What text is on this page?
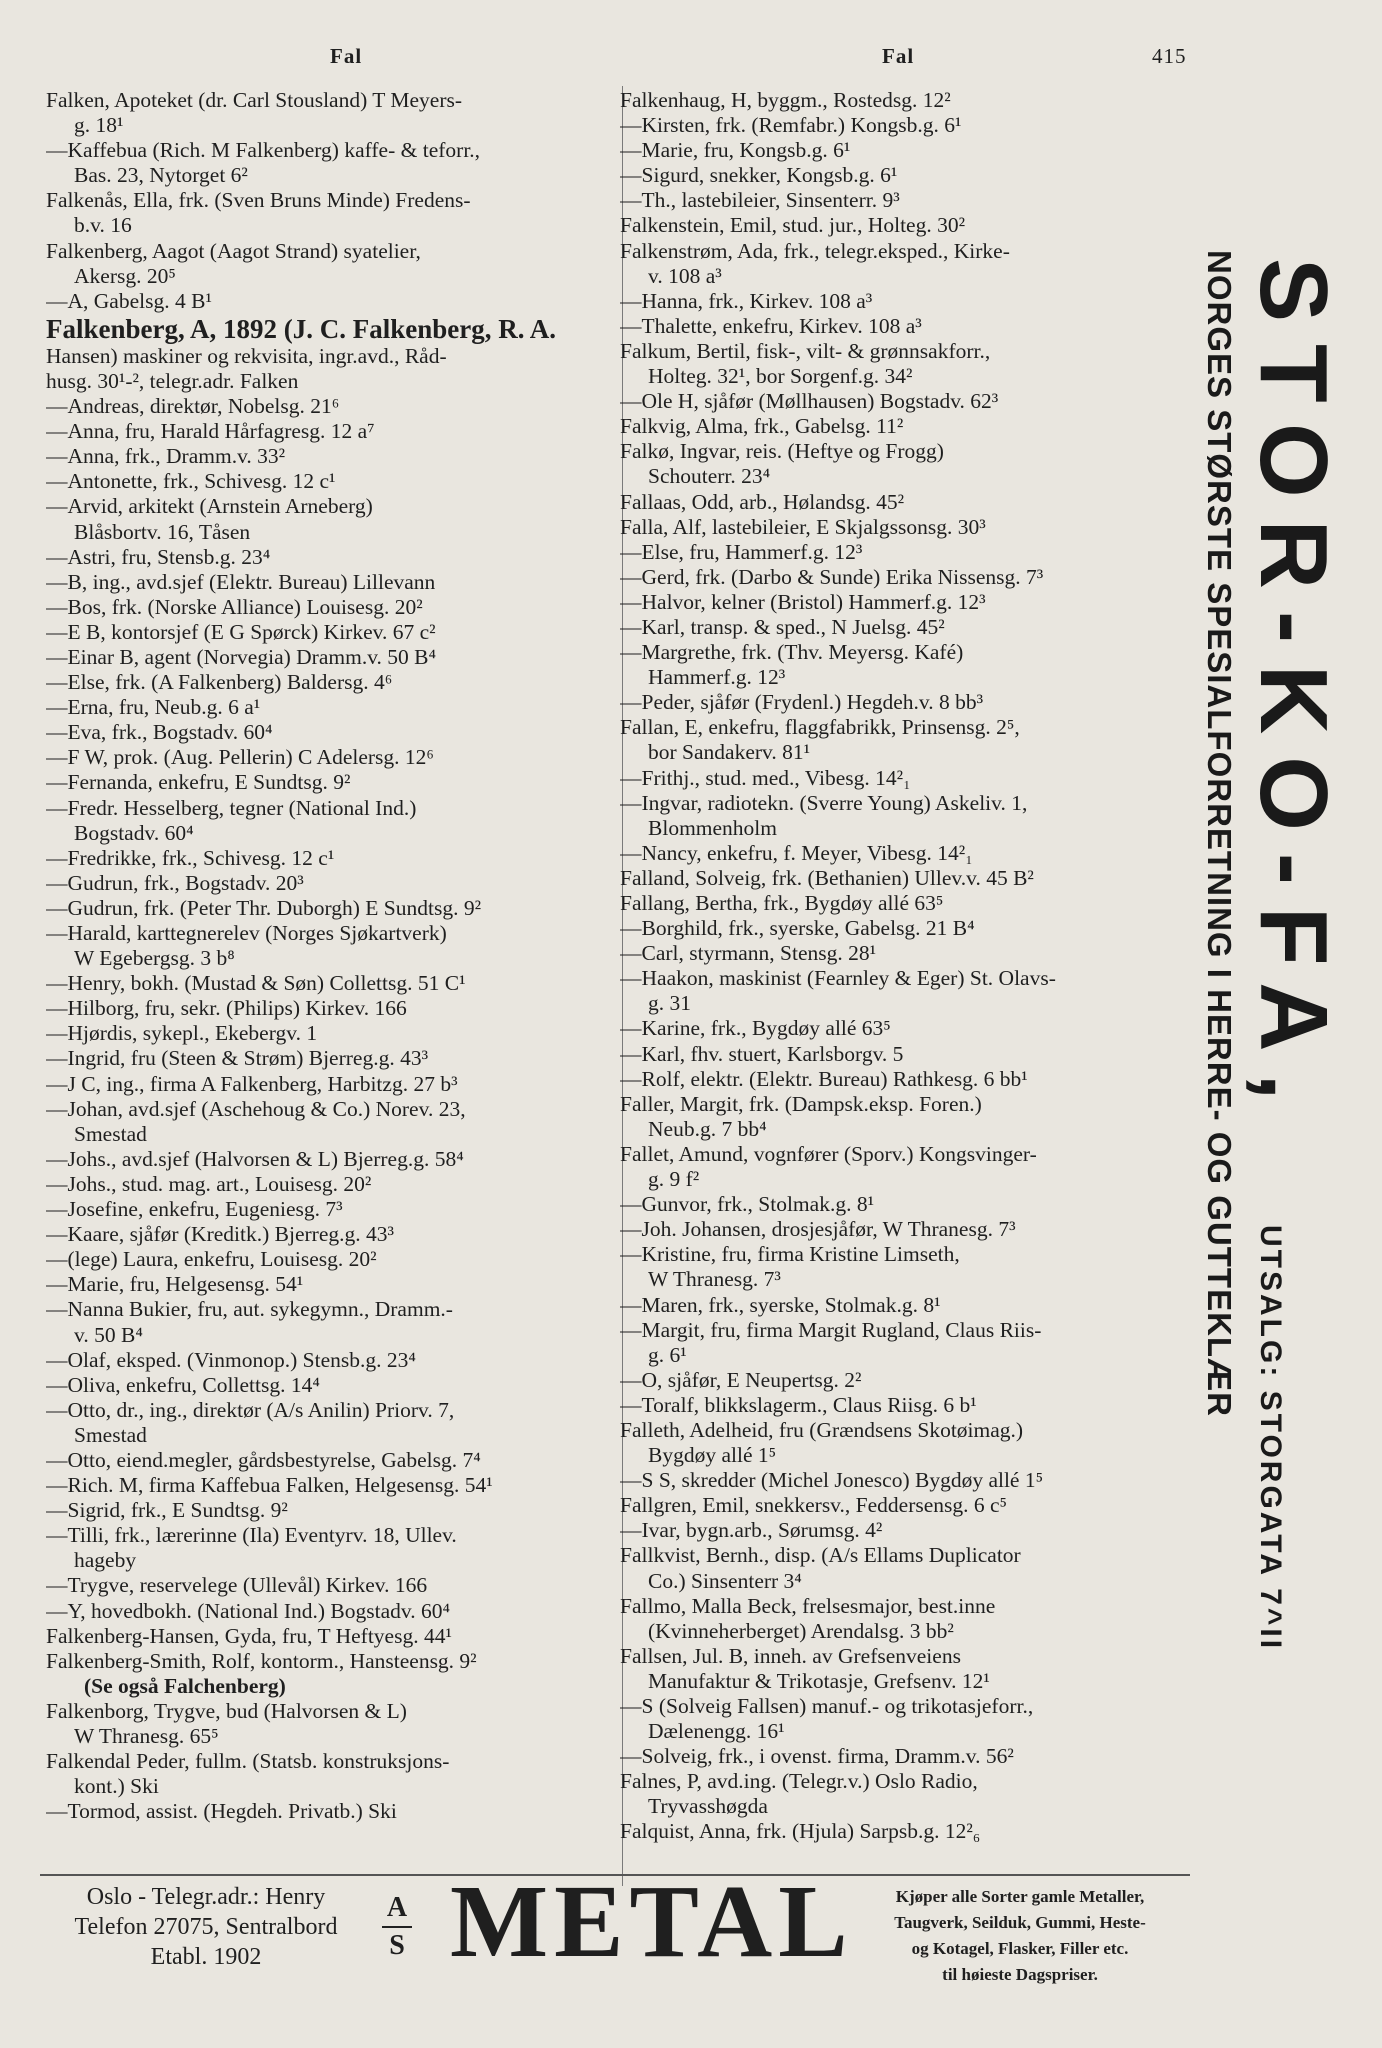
Fal	Fal	415
Falken, Apoteket (dr. Carl Stousland) T Meyers-
g. 18¹
—Kaffebua (Rich. M Falkenberg) kaffe- & teforr.,
Bas. 23, Nytorget 6²
Falkenås, Ella, frk. (Sven Bruns Minde) Fredens-
b.v. 16
Falkenberg, Aagot (Aagot Strand) syatelier,
Akersg. 20⁵
—A, Gabelsg. 4 B¹
Falkenberg, A, 1892 (J. C. Falkenberg, R. A.
Hansen) maskiner og rekvisita, ingr.avd., Råd-
husg. 30¹-², telegr.adr. Falken
—Andreas, direktør, Nobelsg. 21⁶
—Anna, fru, Harald Hårfagresg. 12 a⁷
—Anna, frk., Dramm.v. 33²
—Antonette, frk., Schivesg. 12 c¹
—Arvid, arkitekt (Arnstein Arneberg)
Blåsbortv. 16, Tåsen
—Astri, fru, Stensb.g. 23⁴
—B, ing., avd.sjef (Elektr. Bureau) Lillevann
—Bos, frk. (Norske Alliance) Louisesg. 20²
—E B, kontorsjef (E G Spørck) Kirkev. 67 c²
—Einar B, agent (Norvegia) Dramm.v. 50 B⁴
—Else, frk. (A Falkenberg) Baldersg. 4⁶
—Erna, fru, Neub.g. 6 a¹
—Eva, frk., Bogstadv. 60⁴
—F W, prok. (Aug. Pellerin) C Adelersg. 12⁶
—Fernanda, enkefru, E Sundtsg. 9²
—Fredr. Hesselberg, tegner (National Ind.)
Bogstadv. 60⁴
—Fredrikke, frk., Schivesg. 12 c¹
—Gudrun, frk., Bogstadv. 20³
—Gudrun, frk. (Peter Thr. Duborgh) E Sundtsg. 9²
—Harald, karttegnerelev (Norges Sjøkartverk)
W Egebergsg. 3 b⁸
—Henry, bokh. (Mustad & Søn) Collettsg. 51 C¹
—Hilborg, fru, sekr. (Philips) Kirkev. 166
—Hjørdis, sykepl., Ekebergv. 1
—Ingrid, fru (Steen & Strøm) Bjerreg.g. 43³
—J C, ing., firma A Falkenberg, Harbitzg. 27 b³
—Johan, avd.sjef (Aschehoug & Co.) Norev. 23,
Smestad
—Johs., avd.sjef (Halvorsen & L) Bjerreg.g. 58⁴
—Johs., stud. mag. art., Louisesg. 20²
—Josefine, enkefru, Eugeniesg. 7³
—Kaare, sjåfør (Kreditk.) Bjerreg.g. 43³
—(lege) Laura, enkefru, Louisesg. 20²
—Marie, fru, Helgesensg. 54¹
—Nanna Bukier, fru, aut. sykegymn., Dramm.-
v. 50 B⁴
—Olaf, eksped. (Vinmonop.) Stensb.g. 23⁴
—Oliva, enkefru, Collettsg. 14⁴
—Otto, dr., ing., direktør (A/s Anilin) Priorv. 7,
Smestad
—Otto, eiend.megler, gårdsbestyrelse, Gabelsg. 7⁴
—Rich. M, firma Kaffebua Falken, Helgesensg. 54¹
—Sigrid, frk., E Sundtsg. 9²
—Tilli, frk., lærerinne (Ila) Eventyrv. 18, Ullev.
hageby
—Trygve, reservelege (Ullevål) Kirkev. 166
—Y, hovedbokh. (National Ind.) Bogstadv. 60⁴
Falkenberg-Hansen, Gyda, fru, T Heftyesg. 44¹
Falkenberg-Smith, Rolf, kontorm., Hansteensg. 9²
(Se også Falchenberg)
Falkenborg, Trygve, bud (Halvorsen & L)
W Thranesg. 65⁵
Falkendal Peder, fullm. (Statsb. konstruksjons-
kont.) Ski
—Tormod, assist. (Hegdeh. Privatb.) Ski
Falkenhaug, H, byggm., Rostedsg. 12²
—Kirsten, frk. (Remfabr.) Kongsb.g. 6¹
—Marie, fru, Kongsb.g. 6¹
—Sigurd, snekker, Kongsb.g. 6¹
—Th., lastebileier, Sinsenterr. 9³
Falkenstein, Emil, stud. jur., Holteg. 30²
Falkenstrøm, Ada, frk., telegr.eksped., Kirke-
v. 108 a³
—Hanna, frk., Kirkev. 108 a³
—Thalette, enkefru, Kirkev. 108 a³
Falkum, Bertil, fisk-, vilt- & grønnsakforr.,
Holteg. 32¹, bor Sorgenf.g. 34²
—Ole H, sjåfør (Møllhausen) Bogstadv. 62³
Falkvig, Alma, frk., Gabelsg. 11²
Falkø, Ingvar, reis. (Heftye og Frogg)
Schouterr. 23⁴
Fallaas, Odd, arb., Hølandsg. 45²
Falla, Alf, lastebileier, E Skjalgssonsg. 30³
—Else, fru, Hammerf.g. 12³
—Gerd, frk. (Darbo & Sunde) Erika Nissensg. 7³
—Halvor, kelner (Bristol) Hammerf.g. 12³
—Karl, transp. & sped., N Juelsg. 45²
—Margrethe, frk. (Thv. Meyersg. Kafé)
Hammerf.g. 12³
—Peder, sjåfør (Frydenl.) Hegdeh.v. 8 bb³
Fallan, E, enkefru, flaggfabrikk, Prinsensg. 2⁵,
bor Sandakerv. 81¹
—Frithj., stud. med., Vibesg. 14²₁
—Ingvar, radiotekn. (Sverre Young) Askeliv. 1,
Blommenholm
—Nancy, enkefru, f. Meyer, Vibesg. 14²₁
Falland, Solveig, frk. (Bethanien) Ullev.v. 45 B²
Fallang, Bertha, frk., Bygdøy allé 63⁵
—Borghild, frk., syerske, Gabelsg. 21 B⁴
—Carl, styrmann, Stensg. 28¹
—Haakon, maskinist (Fearnley & Eger) St. Olavs-
g. 31
—Karine, frk., Bygdøy allé 63⁵
—Karl, fhv. stuert, Karlsborgv. 5
—Rolf, elektr. (Elektr. Bureau) Rathkesg. 6 bb¹
Faller, Margit, frk. (Dampsk.eksp. Foren.)
Neub.g. 7 bb⁴
Fallet, Amund, vognfører (Sporv.) Kongsvinger-
g. 9 f²
—Gunvor, frk., Stolmak.g. 8¹
—Joh. Johansen, drosjesjåfør, W Thranesg. 7³
—Kristine, fru, firma Kristine Limseth,
W Thranesg. 7³
—Maren, frk., syerske, Stolmak.g. 8¹
—Margit, fru, firma Margit Rugland, Claus Riis-
g. 6¹
—O, sjåfør, E Neupertsg. 2²
—Toralf, blikkslagerm., Claus Riisg. 6 b¹
Falleth, Adelheid, fru (Grændsens Skotøimag.)
Bygdøy allé 1⁵
—S S, skredder (Michel Jonesco) Bygdøy allé 1⁵
Fallgren, Emil, snekkersv., Feddersensg. 6 c⁵
—Ivar, bygn.arb., Sørumsg. 4²
Fallkvist, Bernh., disp. (A/s Ellams Duplicator
Co.) Sinsenterr 3⁴
Fallmo, Malla Beck, frelsesmajor, best.inne
(Kvinneherberget) Arendalsg. 3 bb²
Fallsen, Jul. B, inneh. av Grefsenveiens
Manufaktur & Trikotasje, Grefsenv. 12¹
—S (Solveig Fallsen) manuf.- og trikotasjeforr.,
Dælenengg. 16¹
—Solveig, frk., i ovenst. firma, Dramm.v. 56²
Falnes, P, avd.ing. (Telegr.v.) Oslo Radio,
Tryvasshøgda
Falquist, Anna, frk. (Hjula) Sarpsb.g. 12²₆
STOR-KO-FA,
NORGES STØRSTE SPESIALFORRETNING I HERRE- OG GUTTEKLÆR
UTSALG: STORGATA 7^II
Oslo - Telegr.adr.: Henry
Telefon 27075, Sentralbord
Etabl. 1902
A
S METAL	Kjøper alle Sorter gamle Metaller,
Taugverk, Seilduk, Gummi, Heste-
og Kotagel, Flasker, Filler etc.
til høieste Dagspriser.
